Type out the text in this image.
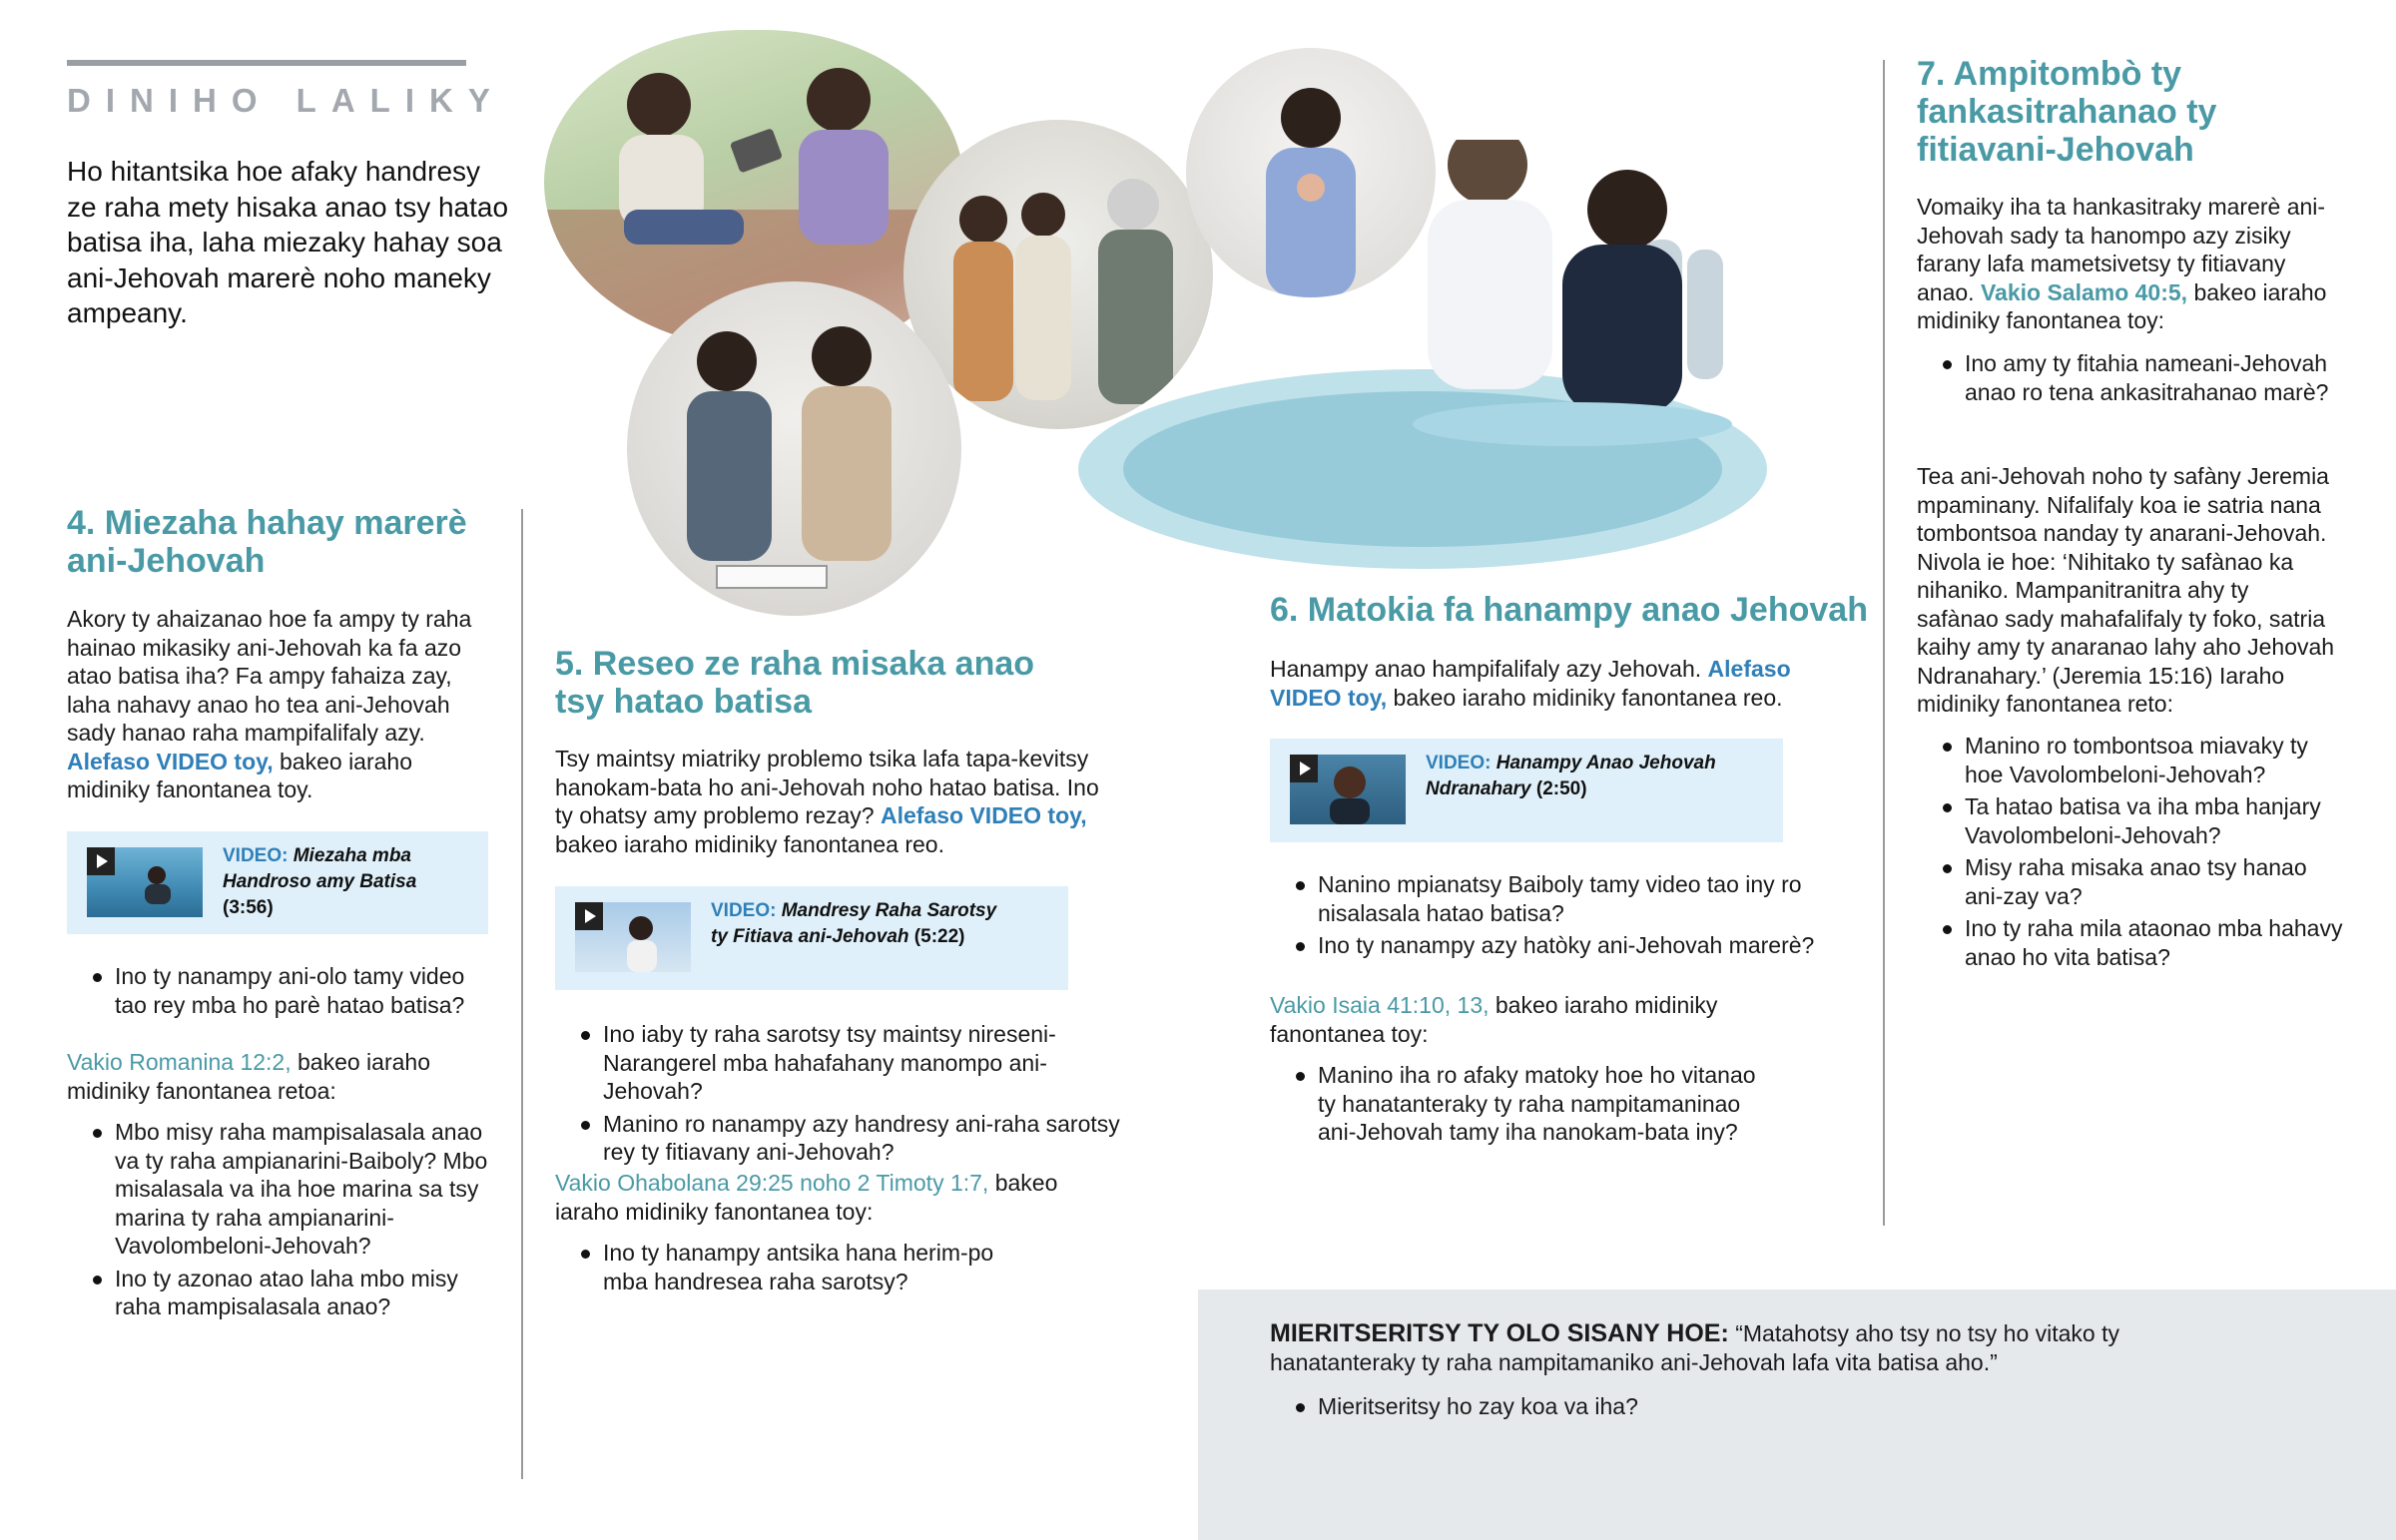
DINIHO LALIKY
Ho hitantsika hoe afaky handresy ze raha mety hisaka anao tsy hatao batisa iha, laha miezaky hahay soa ani-Jehovah marerè noho maneky ampeany.
4. Miezaha hahay marerè ani-Jehovah
Akory ty ahaizanao hoe fa ampy ty raha hainao mikasiky ani-Jehovah ka fa azo atao batisa iha? Fa ampy fahaiza zay, laha nahavy anao ho tea ani-Jehovah sady hanao raha mampifalifaly azy. Alefaso VIDEO toy, bakeo iaraho midiniky fanontanea toy.
VIDEO: Miezaha mba Handroso amy Batisa
(3:56)
Ino ty nanampy ani-olo tamy video tao rey mba ho parè hatao batisa?
Vakio Romanina 12:2, bakeo iaraho midiniky fanontanea retoa:
Mbo misy raha mampisalasala anao va ty raha ampianarini-Baiboly? Mbo misalasala va iha hoe marina sa tsy marina ty raha ampianarini-Vavolombeloni-Jehovah?
Ino ty azonao atao laha mbo misy raha mampisalasala anao?
5. Reseo ze raha misaka anao tsy hatao batisa
Tsy maintsy miatriky problemo tsika lafa tapa-kevitsy hanokam-bata ho ani-Jehovah noho hatao batisa. Ino ty ohatsy amy problemo rezay? Alefaso VIDEO toy, bakeo iaraho midiniky fanontanea reo.
VIDEO: Mandresy Raha Sarotsy ty Fitiava ani-Jehovah (5:22)
Ino iaby ty raha sarotsy tsy maintsy nireseni-Narangerel mba hahafahany manompo ani-Jehovah?
Manino ro nanampy azy handresy ani-raha sarotsy rey ty fitiavany ani-Jehovah?
Vakio Ohabolana 29:25 noho 2 Timoty 1:7, bakeo iaraho midiniky fanontanea toy:
Ino ty hanampy antsika hana herim-po mba handresea raha sarotsy?
6. Matokia fa hanampy anao Jehovah
Hanampy anao hampifalifaly azy Jehovah. Alefaso VIDEO toy, bakeo iaraho midiniky fanontanea reo.
VIDEO: Hanampy Anao Jehovah Ndranahary (2:50)
Nanino mpianatsy Baiboly tamy video tao iny ro nisalasala hatao batisa?
Ino ty nanampy azy hatòky ani-Jehovah marerè?
Vakio Isaia 41:10, 13, bakeo iaraho midiniky fanontanea toy:
Manino iha ro afaky matoky hoe ho vitanao ty hanatanteraky ty raha nampitamaninao ani-Jehovah tamy iha nanokam-bata iny?
7. Ampitombò ty fankasitrahanao ty fitiavani-Jehovah
Vomaiky iha ta hankasitraky marerè ani-Jehovah sady ta hanompo azy zisiky farany lafa mametsivetsy ty fitiavany anao. Vakio Salamo 40:5, bakeo iaraho midiniky fanontanea toy:
Ino amy ty fitahia nameani-Jehovah anao ro tena ankasitrahanao marè?
Tea ani-Jehovah noho ty safàny Jeremia mpaminany. Nifalifaly koa ie satria nana tombontsoa nanday ty anarani-Jehovah. Nivola ie hoe: ‘Nihitako ty safànao ka nihaniko. Mampanitranitra ahy ty safànao sady mahafalifaly ty foko, satria kaihy amy ty anaranao lahy aho Jehovah Ndranahary.’ (Jeremia 15:16) Iaraho midiniky fanontanea reto:
Manino ro tombontsoa miavaky ty hoe Vavolombeloni-Jehovah?
Ta hatao batisa va iha mba hanjary Vavolombeloni-Jehovah?
Misy raha misaka anao tsy hanao ani-zay va?
Ino ty raha mila ataonao mba hahavy anao ho vita batisa?
MIERITSERITSY TY OLO SISANY HOE: “Matahotsy aho tsy no tsy ho vitako ty hanatanteraky ty raha nampitamaniko ani-Jehovah lafa vita batisa aho.”
Mieritseritsy ho zay koa va iha?
